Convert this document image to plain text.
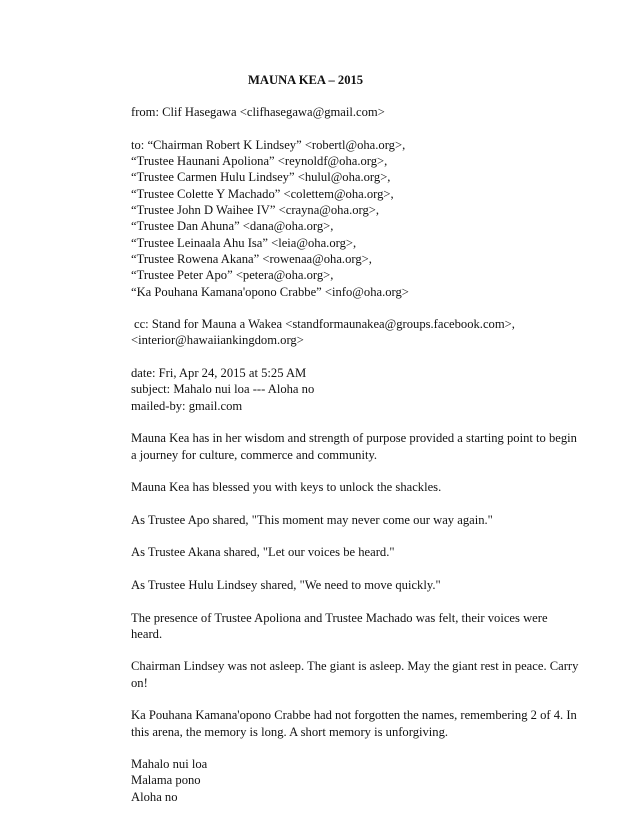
MAUNA KEA – 2015
from: Clif Hasegawa <clifhasegawa@gmail.com>
to: “Chairman Robert K Lindsey” <robertl@oha.org>,
“Trustee Haunani Apoliona” <reynoldf@oha.org>,
“Trustee Carmen Hulu Lindsey” <hulul@oha.org>,
“Trustee Colette Y Machado” <colettem@oha.org>,
“Trustee John D Waihee IV” <crayna@oha.org>,
“Trustee Dan Ahuna” <dana@oha.org>,
“Trustee Leinaala Ahu Isa” <leia@oha.org>,
“Trustee Rowena Akana” <rowenaa@oha.org>,
“Trustee Peter Apo” <petera@oha.org>,
“Ka Pouhana Kamana'opono Crabbe” <info@oha.org>
cc: Stand for Mauna a Wakea <standformaunakea@groups.facebook.com>,
<interior@hawaiiankingdom.org>
date: Fri, Apr 24, 2015 at 5:25 AM
subject: Mahalo nui loa --- Aloha no
mailed-by: gmail.com

Mauna Kea has in her wisdom and strength of purpose provided a starting point to begin a journey for culture, commerce and community.

Mauna Kea has blessed you with keys to unlock the shackles.

As Trustee Apo shared, "This moment may never come our way again."

As Trustee Akana shared, "Let our voices be heard."

As Trustee Hulu Lindsey shared, "We need to move quickly."

The presence of Trustee Apoliona and Trustee Machado was felt, their voices were heard.

Chairman Lindsey was not asleep. The giant is asleep. May the giant rest in peace. Carry on!

Ka Pouhana Kamana'opono Crabbe had not forgotten the names, remembering 2 of 4. In this arena, the memory is long. A short memory is unforgiving.

Mahalo nui loa
Malama pono
Aloha no
